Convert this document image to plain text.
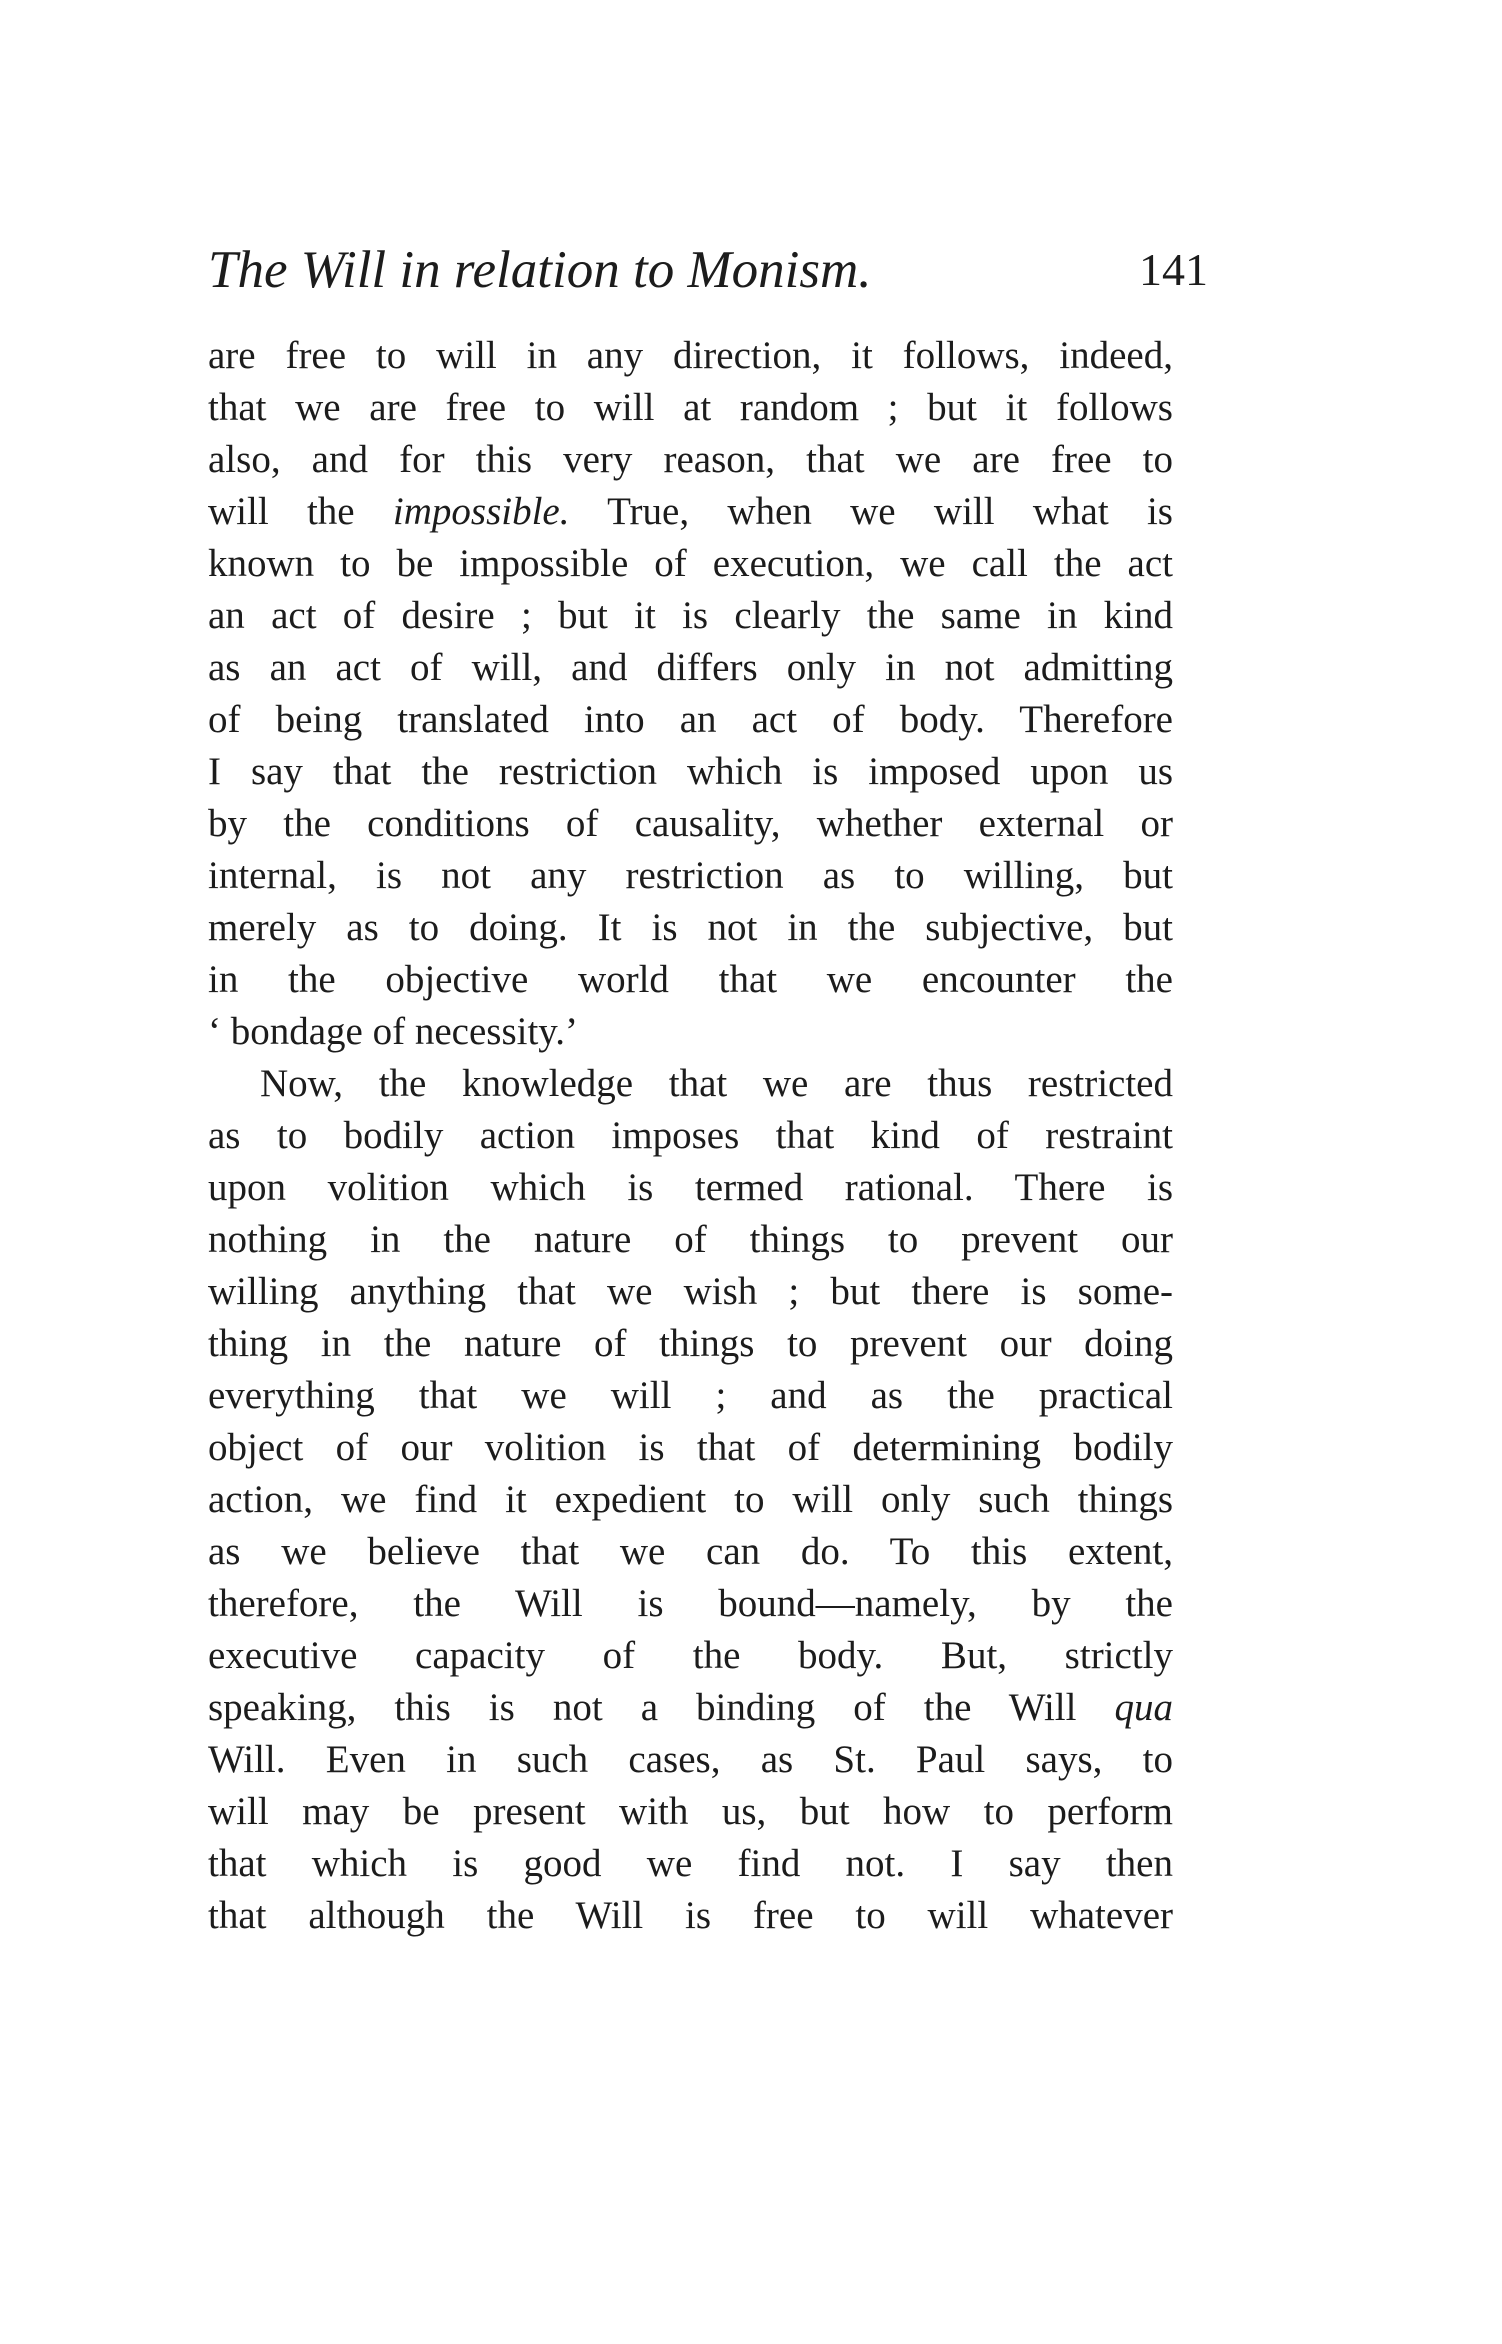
The Will in relation to Monism.	141
are free to will in any direction, it follows, indeed,
that we are free to will at random ; but it follows
also, and for this very reason, that we are free to
will the impossible. True, when we will what is
known to be impossible of execution, we call the act
an act of desire ; but it is clearly the same in kind
as an act of will, and differs only in not admitting
of being translated into an act of body. Therefore
I say that the restriction which is imposed upon us
by the conditions of causality, whether external or
internal, is not any restriction as to willing, but
merely as to doing. It is not in the subjective, but
in the objective world that we encounter the
‘ bondage of necessity.’
Now, the knowledge that we are thus restricted
as to bodily action imposes that kind of restraint
upon volition which is termed rational. There is
nothing in the nature of things to prevent our
willing anything that we wish ; but there is some-
thing in the nature of things to prevent our doing
everything that we will ; and as the practical
object of our volition is that of determining bodily
action, we find it expedient to will only such things
as we believe that we can do. To this extent,
therefore, the Will is bound—namely, by the
executive capacity of the body. But, strictly
speaking, this is not a binding of the Will qua
Will. Even in such cases, as St. Paul says, to
will may be present with us, but how to perform
that which is good we find not. I say then
that although the Will is free to will whatever
